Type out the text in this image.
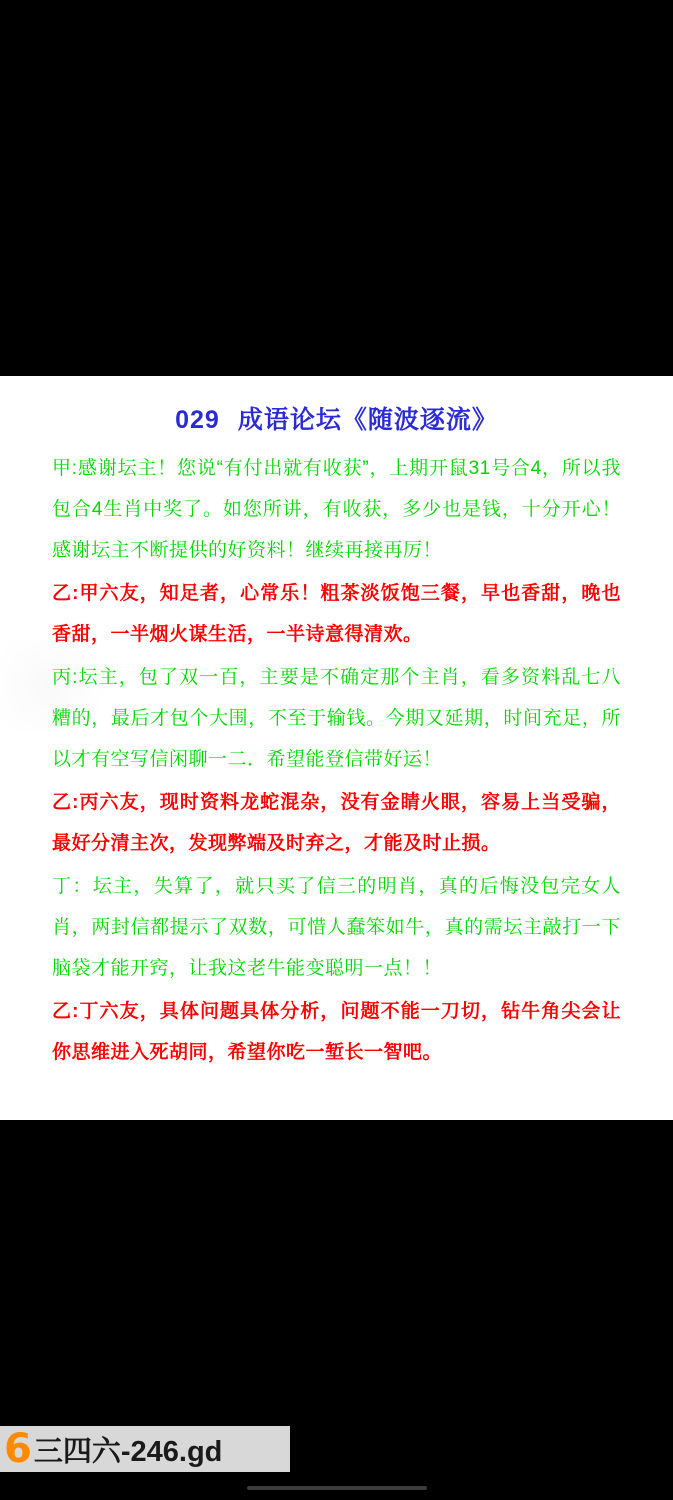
029 成语论坛《随波逐流》

甲:感谢坛主！您说“有付出就有收获”，上期开鼠31号合4，所以我包合4生肖中奖了。如您所讲，有收获，多少也是钱，十分开心！感谢坛主不断提供的好资料！继续再接再厉！

乙:甲六友，知足者，心常乐！粗茶淡饭饱三餐，早也香甜，晚也香甜，一半烟火谋生活，一半诗意得清欢。

丙:坛主，包了双一百，主要是不确定那个主肖，看多资料乱七八糟的，最后才包个大围，不至于输钱。今期又延期，时间充足，所以才有空写信闲聊一二．希望能登信带好运！

乙:丙六友，现时资料龙蛇混杂，没有金睛火眼，容易上当受骗，最好分清主次，发现弊端及时弃之，才能及时止损。

丁：坛主，失算了，就只买了信三的明肖，真的后悔没包完女人肖，两封信都提示了双数，可惜人蠢笨如牛，真的需坛主敲打一下脑袋才能开窍，让我这老牛能变聪明一点！！

乙:丁六友，具体问题具体分析，问题不能一刀切，钻牛角尖会让你思维进入死胡同，希望你吃一堑长一智吧。

6 三四六-246.gd
